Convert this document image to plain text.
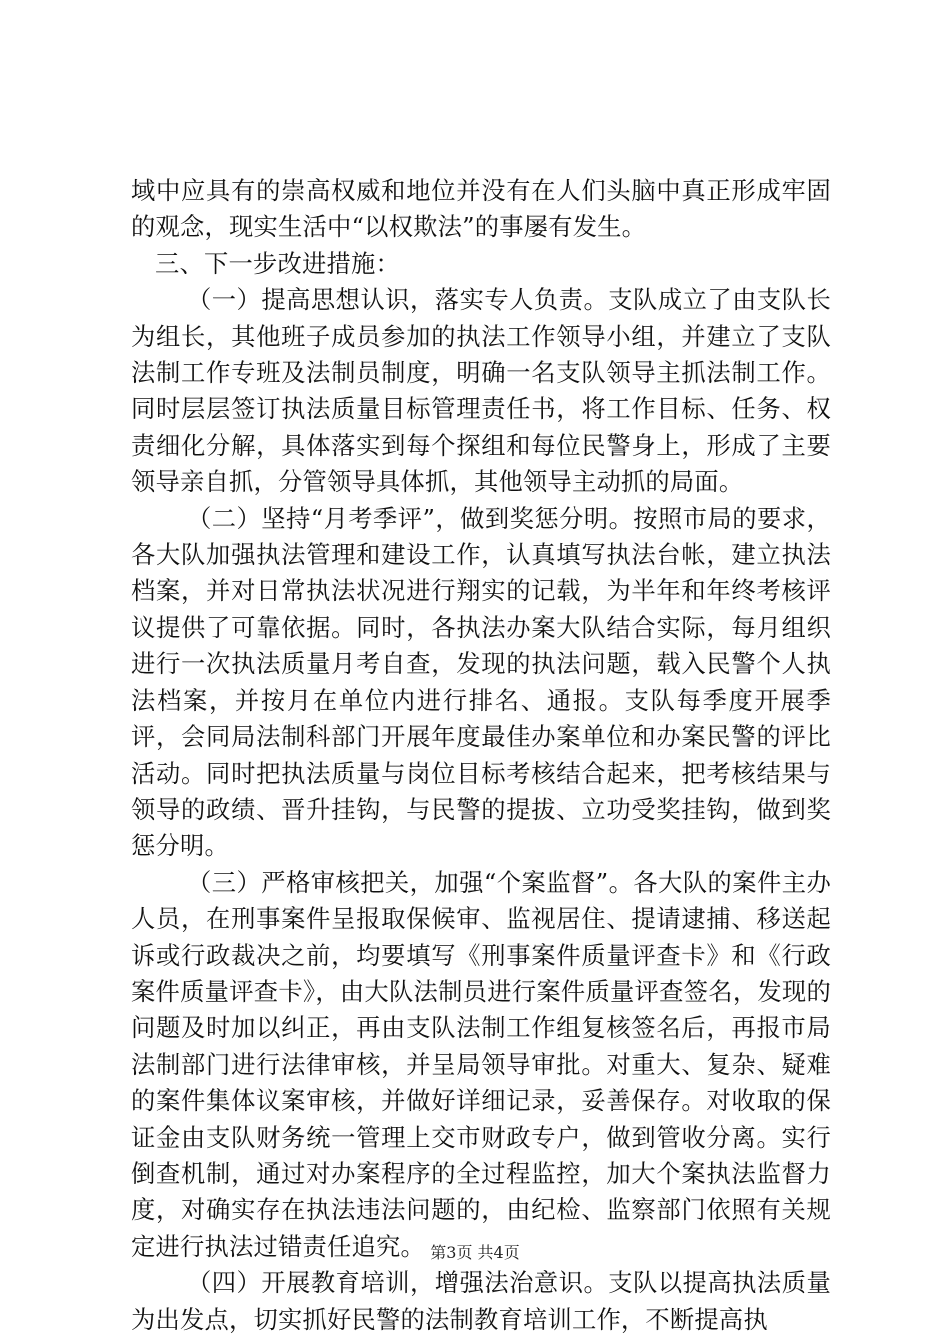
域中应具有的崇高权威和地位并没有在人们头脑中真正形成牢固的观念，现实生活中“以权欺法”的事屡有发生。

三、下一步改进措施：

（一）提高思想认识，落实专人负责。支队成立了由支队长为组长，其他班子成员参加的执法工作领导小组，并建立了支队法制工作专班及法制员制度，明确一名支队领导主抓法制工作。同时层层签订执法质量目标管理责任书，将工作目标、任务、权责细化分解，具体落实到每个探组和每位民警身上，形成了主要领导亲自抓，分管领导具体抓，其他领导主动抓的局面。

（二）坚持“月考季评”，做到奖惩分明。按照市局的要求，各大队加强执法管理和建设工作，认真填写执法台帐，建立执法档案，并对日常执法状况进行翔实的记载，为半年和年终考核评议提供了可靠依据。同时，各执法办案大队结合实际，每月组织进行一次执法质量月考自查，发现的执法问题，载入民警个人执法档案，并按月在单位内进行排名、通报。支队每季度开展季评，会同局法制科部门开展年度最佳办案单位和办案民警的评比活动。同时把执法质量与岗位目标考核结合起来，把考核结果与领导的政绩、晋升挂钩，与民警的提拔、立功受奖挂钩，做到奖惩分明。

（三）严格审核把关，加强“个案监督”。各大队的案件主办人员，在刑事案件呈报取保候审、监视居住、提请逮捕、移送起诉或行政裁决之前，均要填写《刑事案件质量评查卡》和《行政案件质量评查卡》，由大队法制员进行案件质量评查签名，发现的问题及时加以纠正，再由支队法制工作组复核签名后，再报市局法制部门进行法律审核，并呈局领导审批。对重大、复杂、疑难的案件集体议案审核，并做好详细记录，妥善保存。对收取的保证金由支队财务统一管理上交市财政专户，做到管收分离。实行倒查机制，通过对办案程序的全过程监控，加大个案执法监督力度，对确实存在执法违法问题的，由纪检、监察部门依照有关规定进行执法过错责任追究。

（四）开展教育培训，增强法治意识。支队以提高执法质量为出发点，切实抓好民警的法制教育培训工作，不断提高执

第3页 共4页
